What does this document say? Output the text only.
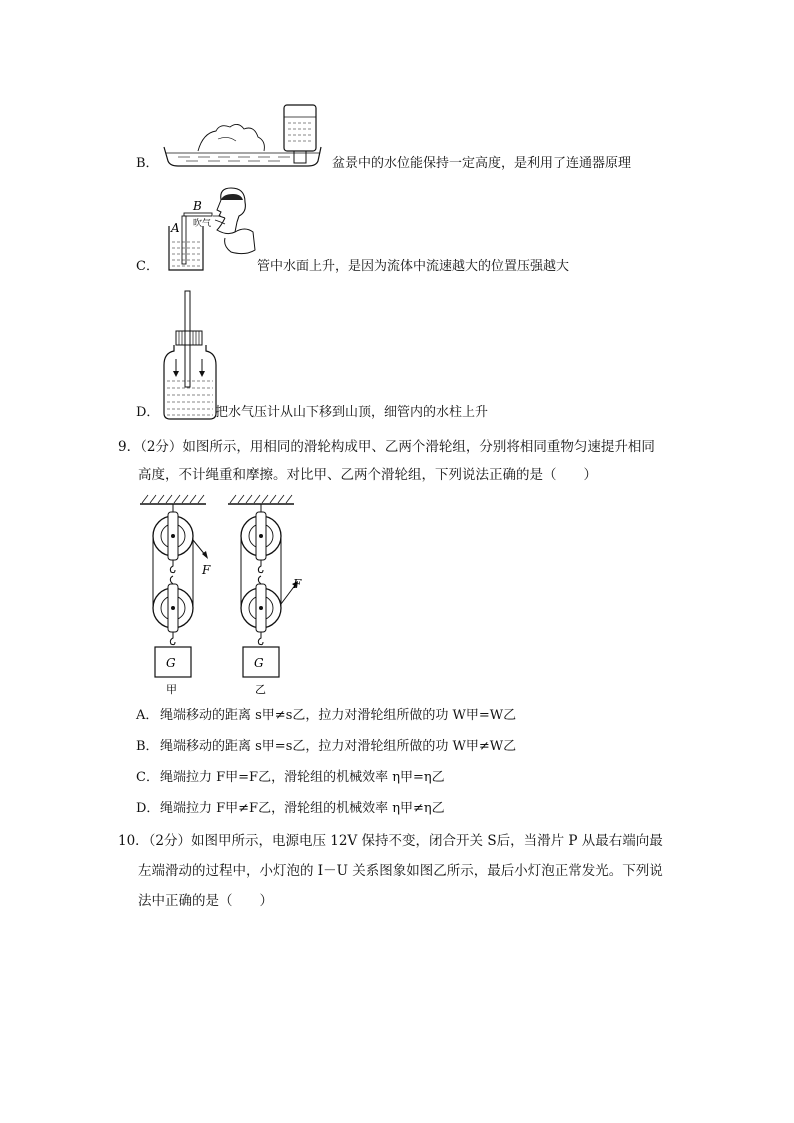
B．	盆景中的水位能保持一定高度，是利用了连通器原理
C．
A
B
吹气
管中水面上升，是因为流体中流速越大的位置压强越大
D．	把水气压计从山下移到山顶，细管内的水柱上升
9．（2分）如图所示，用相同的滑轮构成甲、乙两个滑轮组，分别将相同重物匀速提升相同
高度，不计绳重和摩擦。对比甲、乙两个滑轮组，下列说法正确的是（　　）
F
G
甲
F
G
乙
A． 绳端移动的距离 s甲≠s乙，拉力对滑轮组所做的功 W甲=W乙
B． 绳端移动的距离 s甲=s乙，拉力对滑轮组所做的功 W甲≠W乙
C． 绳端拉力 F甲=F乙，滑轮组的机械效率 η甲=η乙
D． 绳端拉力 F甲≠F乙，滑轮组的机械效率 η甲≠η乙
10．（2分）如图甲所示，电源电压 12V 保持不变，闭合开关 S后，当滑片 P 从最右端向最
左端滑动的过程中，小灯泡的 I－U 关系图象如图乙所示，最后小灯泡正常发光。下列说
法中正确的是（　　）
